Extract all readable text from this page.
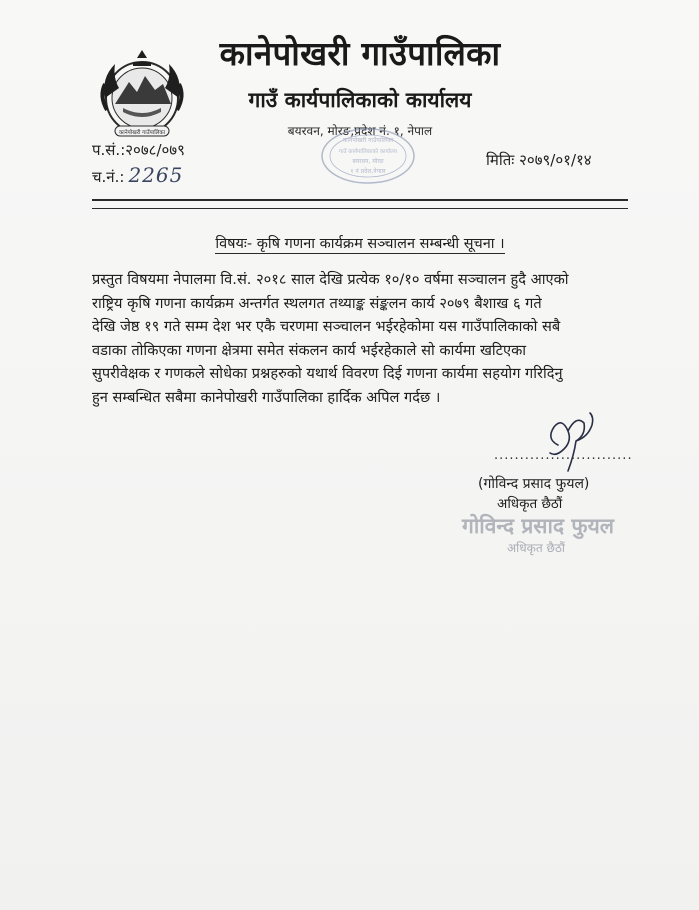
कानेपोखरी गाउँपालिका
कानेपोखरी गाउँपालिका
गाउँ कार्यपालिकाको कार्यालय
बयरवन, मोरङ,प्रदेश नं. १, नेपाल
कानेपोखरी गाउँपालिका
गाउँ कार्यपालिकाको कार्यालय
बयरवन, मोरङ
१ नं प्रदेश,नेपाल
प.सं.:२०७८/०७९
च.नं.: 2265
मितिः २०७९/०१/१४
विषयः- कृषि गणना कार्यक्रम सञ्चालन सम्बन्धी सूचना ।
प्रस्तुत विषयमा नेपालमा वि.सं. २०१८ साल देखि प्रत्येक १०/१० वर्षमा सञ्चालन हुदै आएको
राष्ट्रिय कृषि गणना कार्यक्रम अन्तर्गत स्थलगत तथ्याङ्क संङ्कलन कार्य २०७९ बैशाख ६ गते
देखि जेष्ठ १९ गते सम्म देश भर एकै चरणमा सञ्चालन भईरहेकोमा यस गाउँपालिकाको सबै
वडाका तोकिएका गणना क्षेत्रमा समेत संकलन कार्य भईरहेकाले सो कार्यमा खटिएका
सुपरीवेक्षक र गणकले सोधेका प्रश्नहरुको यथार्थ विवरण दिई गणना कार्यमा सहयोग गरिदिनु
हुन सम्बन्धित सबैमा कानेपोखरी गाउँपालिका हार्दिक अपिल गर्दछ ।
...........................
(गोविन्द प्रसाद फुयल)
अधिकृत छैठौं
गोविन्द प्रसाद फुयल
अधिकृत छैठौं
